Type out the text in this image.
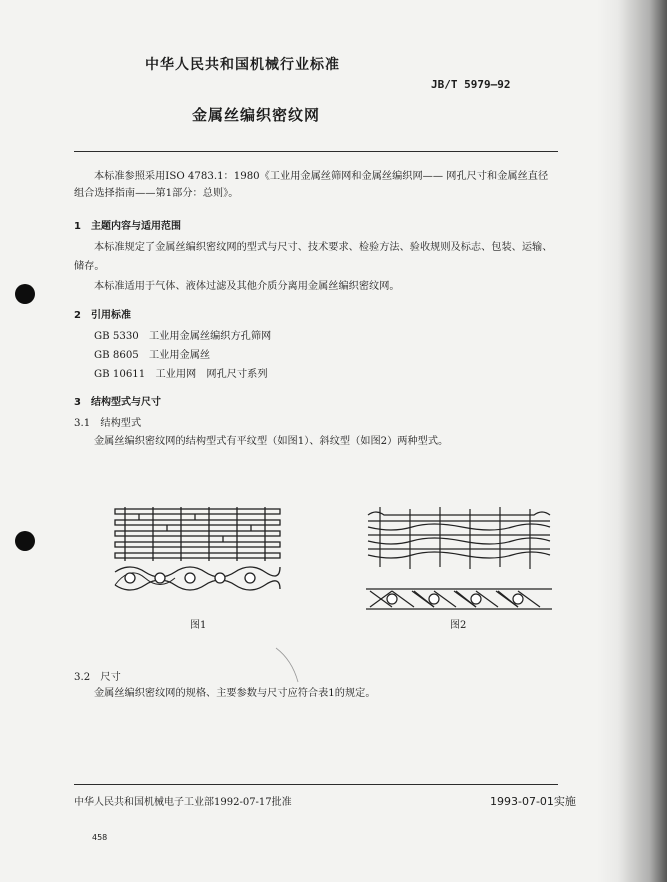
中华人民共和国机械行业标准
JB/T 5979—92
金属丝编织密纹网
本标准参照采用ISO 4783.1：1980《工业用金属丝筛网和金属丝编织网—— 网孔尺寸和金属丝直径
组合选择指南——第1部分：总则》。
1　主题内容与适用范围
本标准规定了金属丝编织密纹网的型式与尺寸、技术要求、检验方法、验收规则及标志、包装、运输、
储存。
本标准适用于气体、液体过滤及其他介质分离用金属丝编织密纹网。
2　引用标准
GB 5330　工业用金属丝编织方孔筛网
GB 8605　工业用金属丝
GB 10611　工业用网　网孔尺寸系列
3　结构型式与尺寸
3.1　结构型式
金属丝编织密纹网的结构型式有平纹型（如图1）、斜纹型（如图2）两种型式。
图1	图2
3.2　尺寸
金属丝编织密纹网的规格、主要参数与尺寸应符合表1的规定。
中华人民共和国机械电子工业部1992-07-17批准	1993-07-01实施
458
